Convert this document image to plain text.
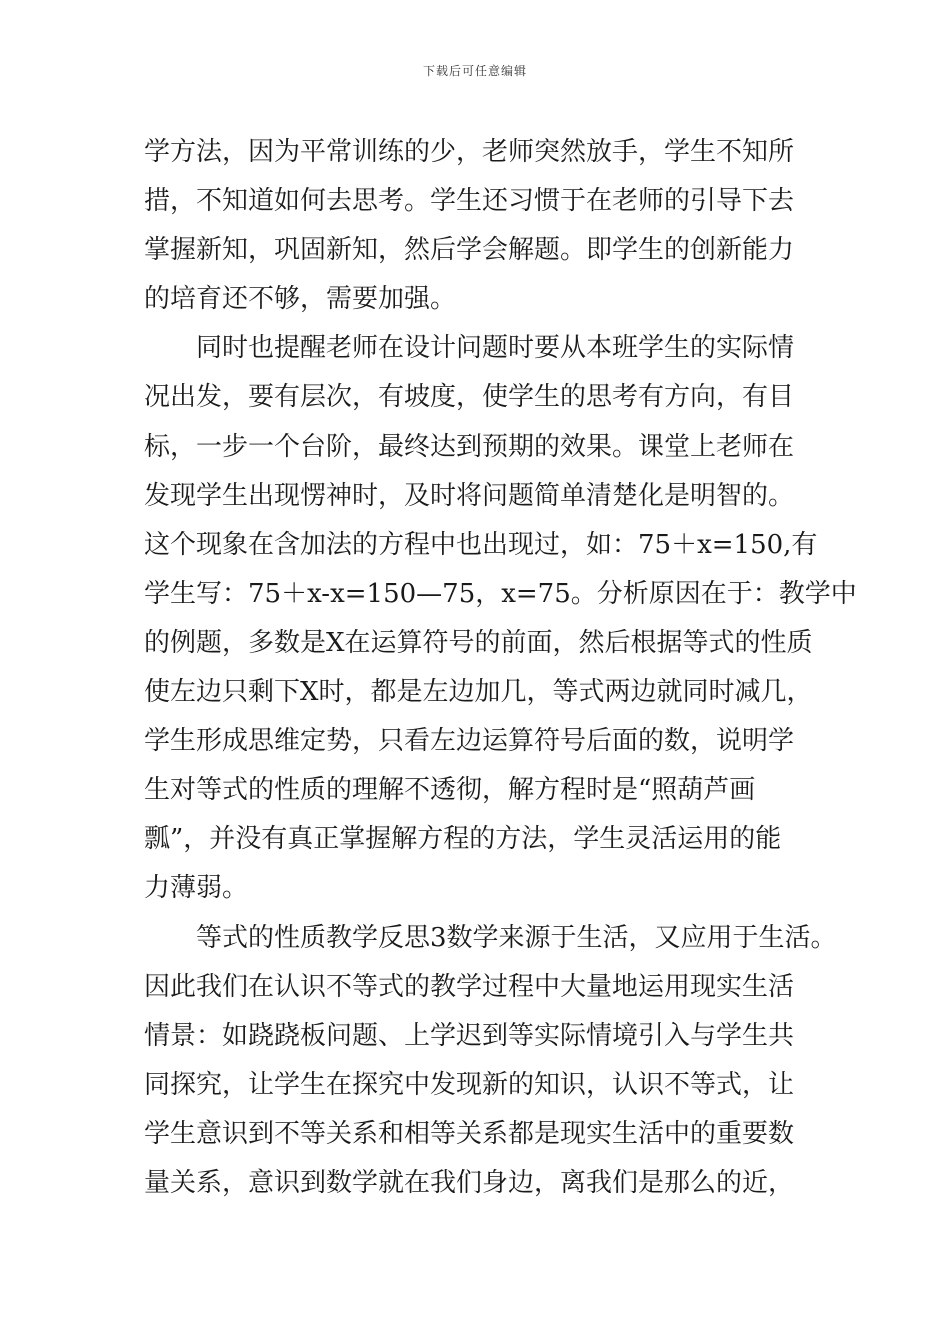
下载后可任意编辑
学方法，因为平常训练的少，老师突然放手，学生不知所
措，不知道如何去思考。学生还习惯于在老师的引导下去
掌握新知，巩固新知，然后学会解题。即学生的创新能力
的培育还不够，需要加强。
同时也提醒老师在设计问题时要从本班学生的实际情
况出发，要有层次，有坡度，使学生的思考有方向，有目
标，一步一个台阶，最终达到预期的效果。课堂上老师在
发现学生出现愣神时，及时将问题简单清楚化是明智的。
这个现象在含加法的方程中也出现过，如：75＋x=150,有
学生写：75＋x-x=150—75，x=75。分析原因在于：教学中
的例题，多数是X在运算符号的前面，然后根据等式的性质
使左边只剩下X时，都是左边加几，等式两边就同时减几，
学生形成思维定势，只看左边运算符号后面的数，说明学
生对等式的性质的理解不透彻，解方程时是“照葫芦画
瓢”，并没有真正掌握解方程的方法，学生灵活运用的能
力薄弱。
等式的性质教学反思3数学来源于生活，又应用于生活。
因此我们在认识不等式的教学过程中大量地运用现实生活
情景：如跷跷板问题、上学迟到等实际情境引入与学生共
同探究，让学生在探究中发现新的知识，认识不等式，让
学生意识到不等关系和相等关系都是现实生活中的重要数
量关系，意识到数学就在我们身边，离我们是那么的近，
